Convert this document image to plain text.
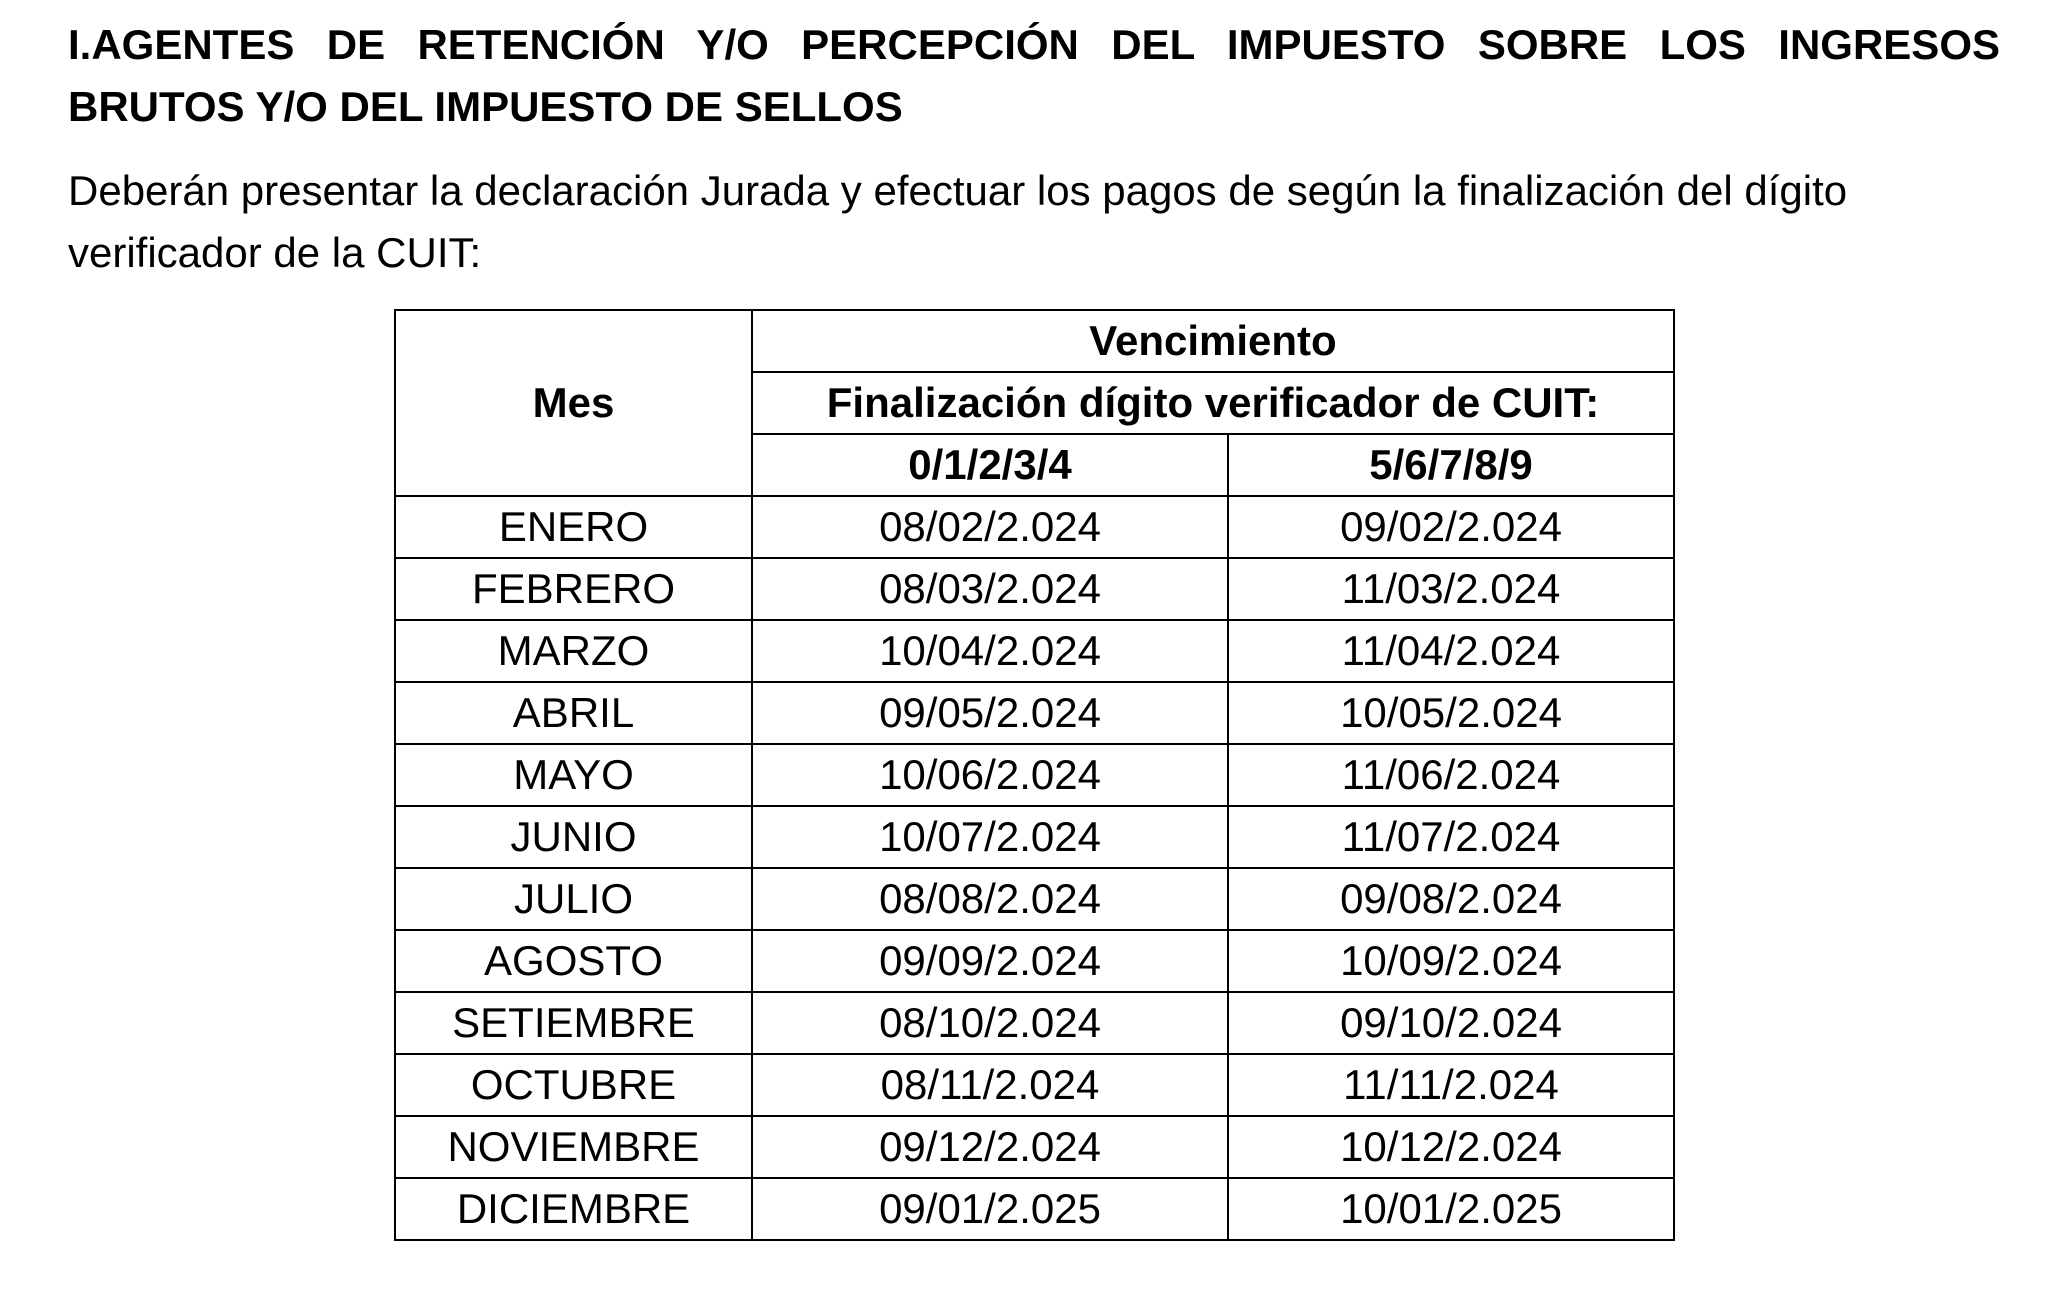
I.AGENTES DE RETENCIÓN Y/O PERCEPCIÓN DEL IMPUESTO SOBRE LOS INGRESOS BRUTOS Y/O DEL IMPUESTO DE SELLOS

Deberán presentar la declaración Jurada y efectuar los pagos de según la finalización del dígito verificador de la CUIT:

Mes	Vencimiento	
	Finalización dígito verificador de CUIT:	
	0/1/2/3/4	5/6/7/8/9
ENERO	08/02/2.024	09/02/2.024
FEBRERO	08/03/2.024	11/03/2.024
MARZO	10/04/2.024	11/04/2.024
ABRIL	09/05/2.024	10/05/2.024
MAYO	10/06/2.024	11/06/2.024
JUNIO	10/07/2.024	11/07/2.024
JULIO	08/08/2.024	09/08/2.024
AGOSTO	09/09/2.024	10/09/2.024
SETIEMBRE	08/10/2.024	09/10/2.024
OCTUBRE	08/11/2.024	11/11/2.024
NOVIEMBRE	09/12/2.024	10/12/2.024
DICIEMBRE	09/01/2.025	10/01/2.025
